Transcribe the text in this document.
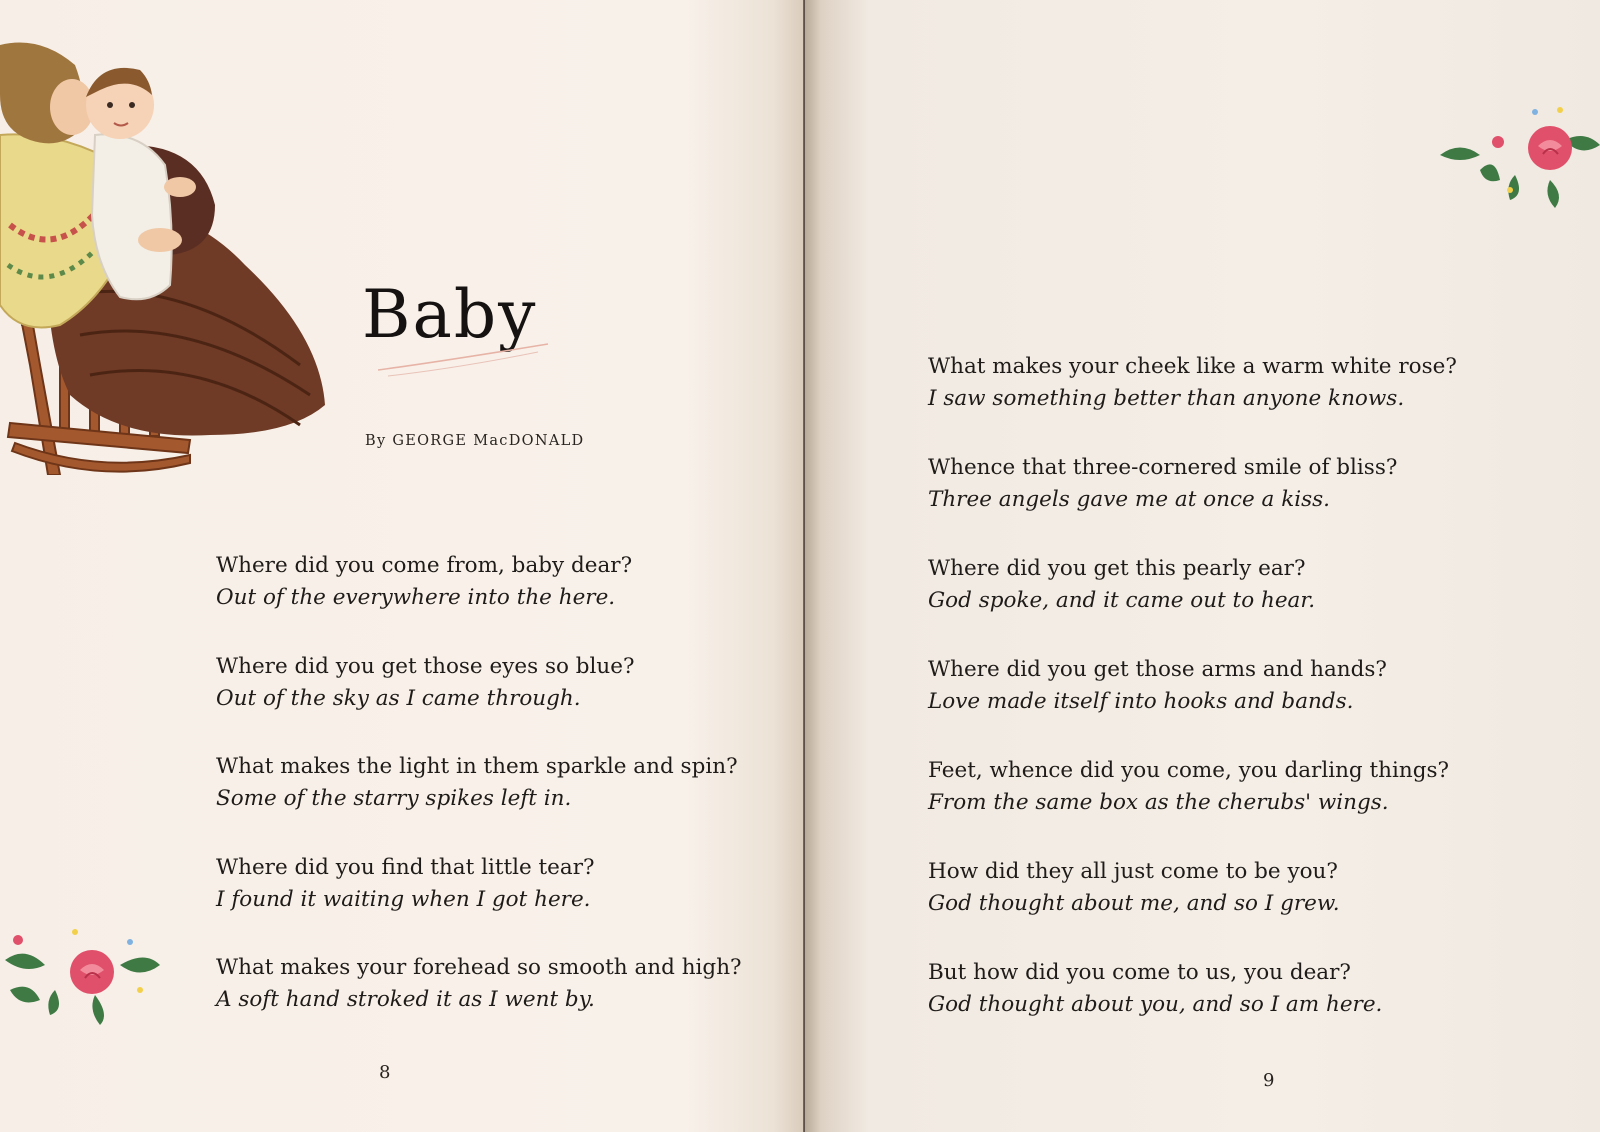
Baby
By GEORGE MacDONALD
Where did you come from, baby dear?
Out of the everywhere into the here.
Where did you get those eyes so blue?
Out of the sky as I came through.
What makes the light in them sparkle and spin?
Some of the starry spikes left in.
Where did you find that little tear?
I found it waiting when I got here.
What makes your forehead so smooth and high?
A soft hand stroked it as I went by.
8
What makes your cheek like a warm white rose?
I saw something better than anyone knows.
Whence that three-cornered smile of bliss?
Three angels gave me at once a kiss.
Where did you get this pearly ear?
God spoke, and it came out to hear.
Where did you get those arms and hands?
Love made itself into hooks and bands.
Feet, whence did you come, you darling things?
From the same box as the cherubs' wings.
How did they all just come to be you?
God thought about me, and so I grew.
But how did you come to us, you dear?
God thought about you, and so I am here.
9
